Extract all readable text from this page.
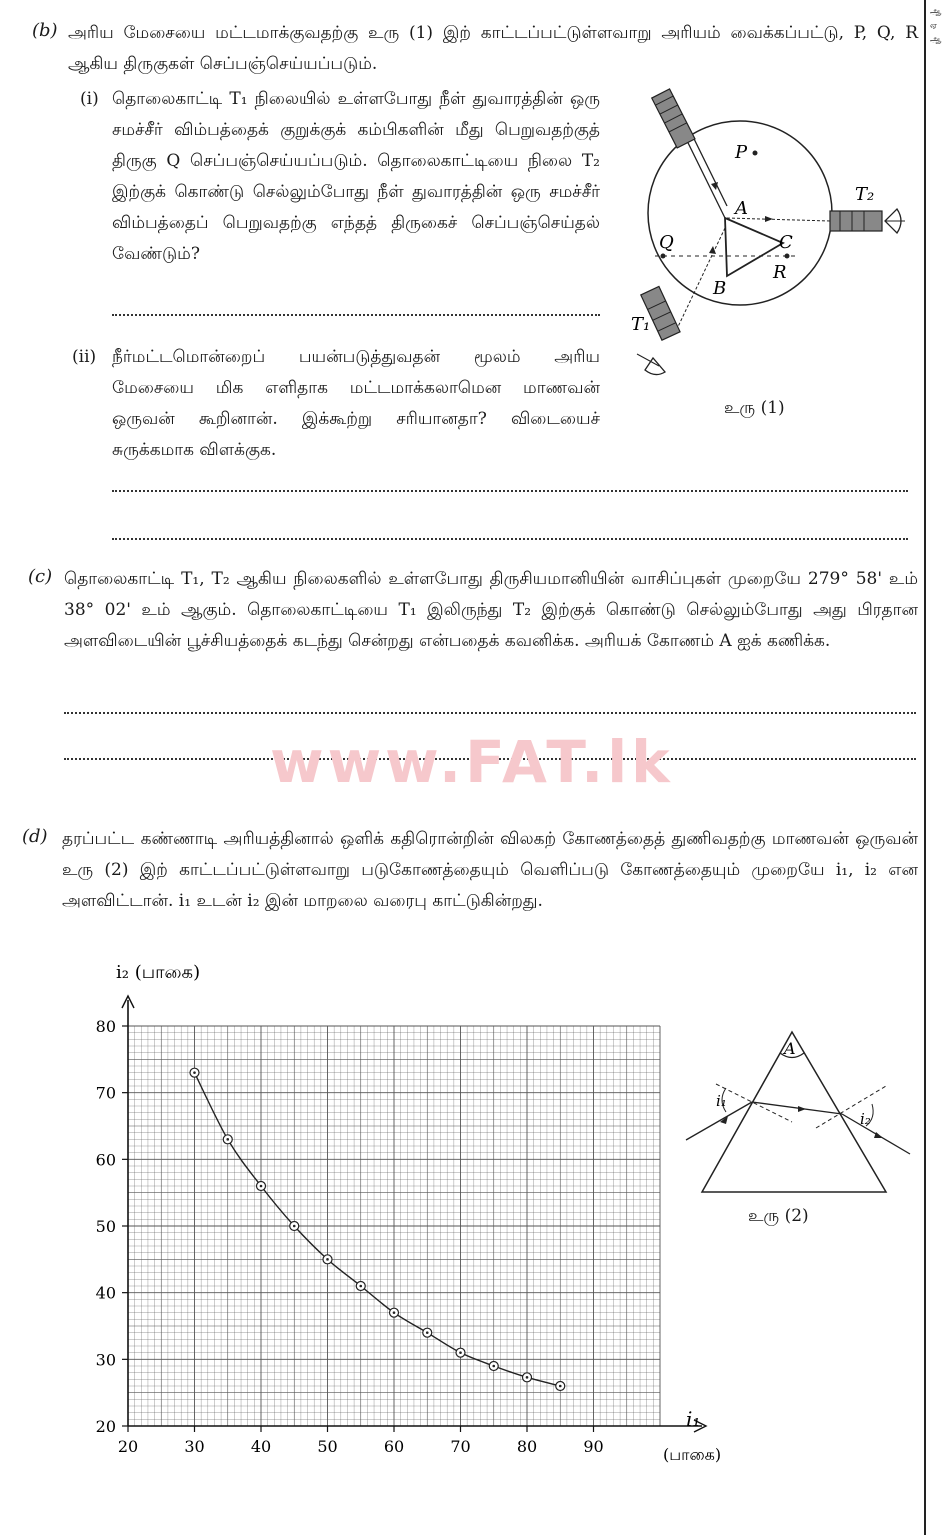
ஆ
ஏ
ஆ
(b) அரிய மேசையை மட்டமாக்குவதற்கு உரு (1) இற் காட்டப்பட்டுள்ளவாறு அரியம் வைக்கப்பட்டு, P, Q, R ஆகிய திருகுகள் செப்பஞ்செய்யப்படும்.
(i) தொலைகாட்டி T₁ நிலையில் உள்ளபோது நீள் துவாரத்தின் ஒரு சமச்சீர் விம்பத்தைக் குறுக்குக் கம்பிகளின் மீது பெறுவதற்குத் திருகு Q செப்பஞ்செய்யப்படும். தொலைகாட்டியை நிலை T₂ இற்குக் கொண்டு செல்லும்போது நீள் துவாரத்தின் ஒரு சமச்சீர் விம்பத்தைப் பெறுவதற்கு எந்தத் திருகைச் செப்பஞ்செய்தல் வேண்டும்?
(ii) நீர்மட்டமொன்றைப் பயன்படுத்துவதன் மூலம் அரிய மேசையை மிக எளிதாக மட்டமாக்கலாமென மாணவன் ஒருவன் கூறினான். இக்கூற்று சரியானதா? விடையைச் சுருக்கமாக விளக்குக.
P
Q
R
A
B
C
T₂
T₁
உரு (1)
(c) தொலைகாட்டி T₁, T₂ ஆகிய நிலைகளில் உள்ளபோது திருசியமானியின் வாசிப்புகள் முறையே 279° 58' உம் 38° 02' உம் ஆகும். தொலைகாட்டியை T₁ இலிருந்து T₂ இற்குக் கொண்டு செல்லும்போது அது பிரதான அளவிடையின் பூச்சியத்தைக் கடந்து சென்றது என்பதைக் கவனிக்க. அரியக் கோணம் A ஐக் கணிக்க.
www.FAT.lk
(d) தரப்பட்ட கண்ணாடி அரியத்தினால் ஒளிக் கதிரொன்றின் விலகற் கோணத்தைத் துணிவதற்கு மாணவன் ஒருவன் உரு (2) இற் காட்டப்பட்டுள்ளவாறு படுகோணத்தையும் வெளிப்படு கோணத்தையும் முறையே i₁, i₂ என அளவிட்டான். i₁ உடன் i₂ இன் மாறலை வரைபு காட்டுகின்றது.
20	30	40	50	60	70	80	90
20
30
40
50
60
70
80
i₂ (பாகை)
i₁
(பாகை)
A
i₁
i₂
உரு (2)
